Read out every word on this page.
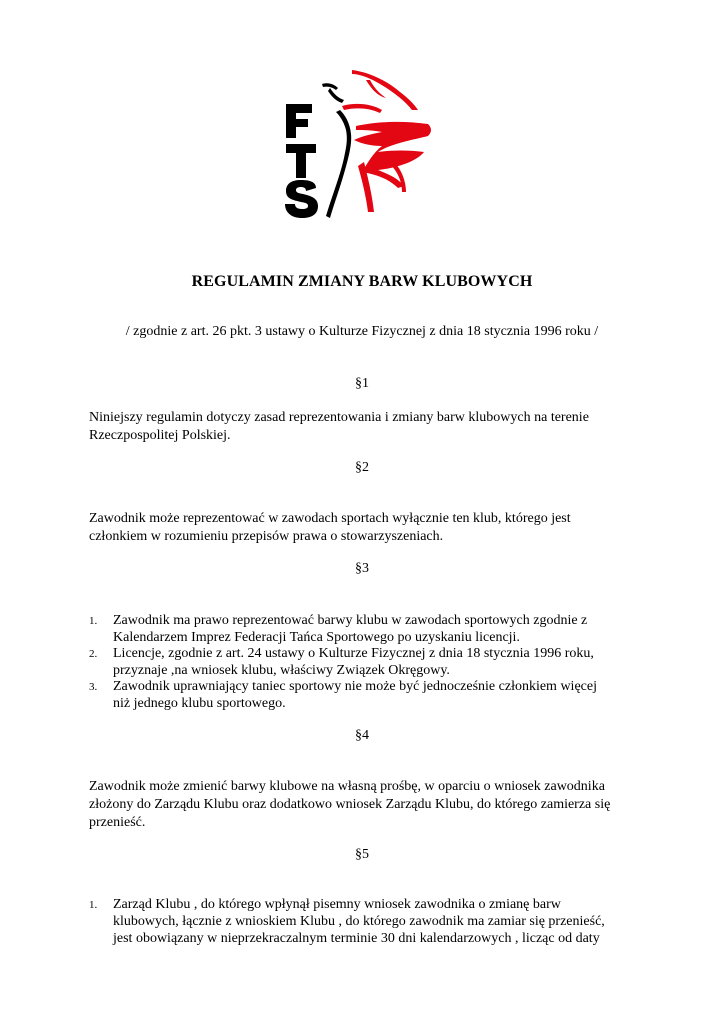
REGULAMIN ZMIANY BARW KLUBOWYCH
/ zgodnie z art. 26 pkt. 3 ustawy o Kulturze Fizycznej z dnia 18 stycznia 1996 roku /
§1
Niniejszy regulamin dotyczy zasad reprezentowania i zmiany barw klubowych na terenie
Rzeczpospolitej Polskiej.
§2
Zawodnik może reprezentować w zawodach sportach wyłącznie ten klub, którego jest
członkiem w rozumieniu przepisów prawa o stowarzyszeniach.
§3
1.	Zawodnik ma prawo reprezentować barwy klubu w zawodach sportowych zgodnie z
Kalendarzem Imprez Federacji Tańca Sportowego po uzyskaniu licencji.
2.	Licencje, zgodnie z art. 24 ustawy o Kulturze Fizycznej z dnia 18 stycznia 1996 roku,
przyznaje ,na wniosek klubu, właściwy Związek Okręgowy.
3.	Zawodnik uprawniający taniec sportowy nie może być jednocześnie członkiem więcej
niż jednego klubu sportowego.
§4
Zawodnik może zmienić barwy klubowe na własną prośbę, w oparciu o wniosek zawodnika
złożony do Zarządu Klubu oraz dodatkowo wniosek Zarządu Klubu, do którego zamierza się
przenieść.
§5
1.	Zarząd Klubu , do którego wpłynął pisemny wniosek zawodnika o zmianę barw
klubowych, łącznie z wnioskiem Klubu , do którego zawodnik ma zamiar się przenieść,
jest obowiązany w nieprzekraczalnym terminie 30 dni kalendarzowych , licząc od daty
